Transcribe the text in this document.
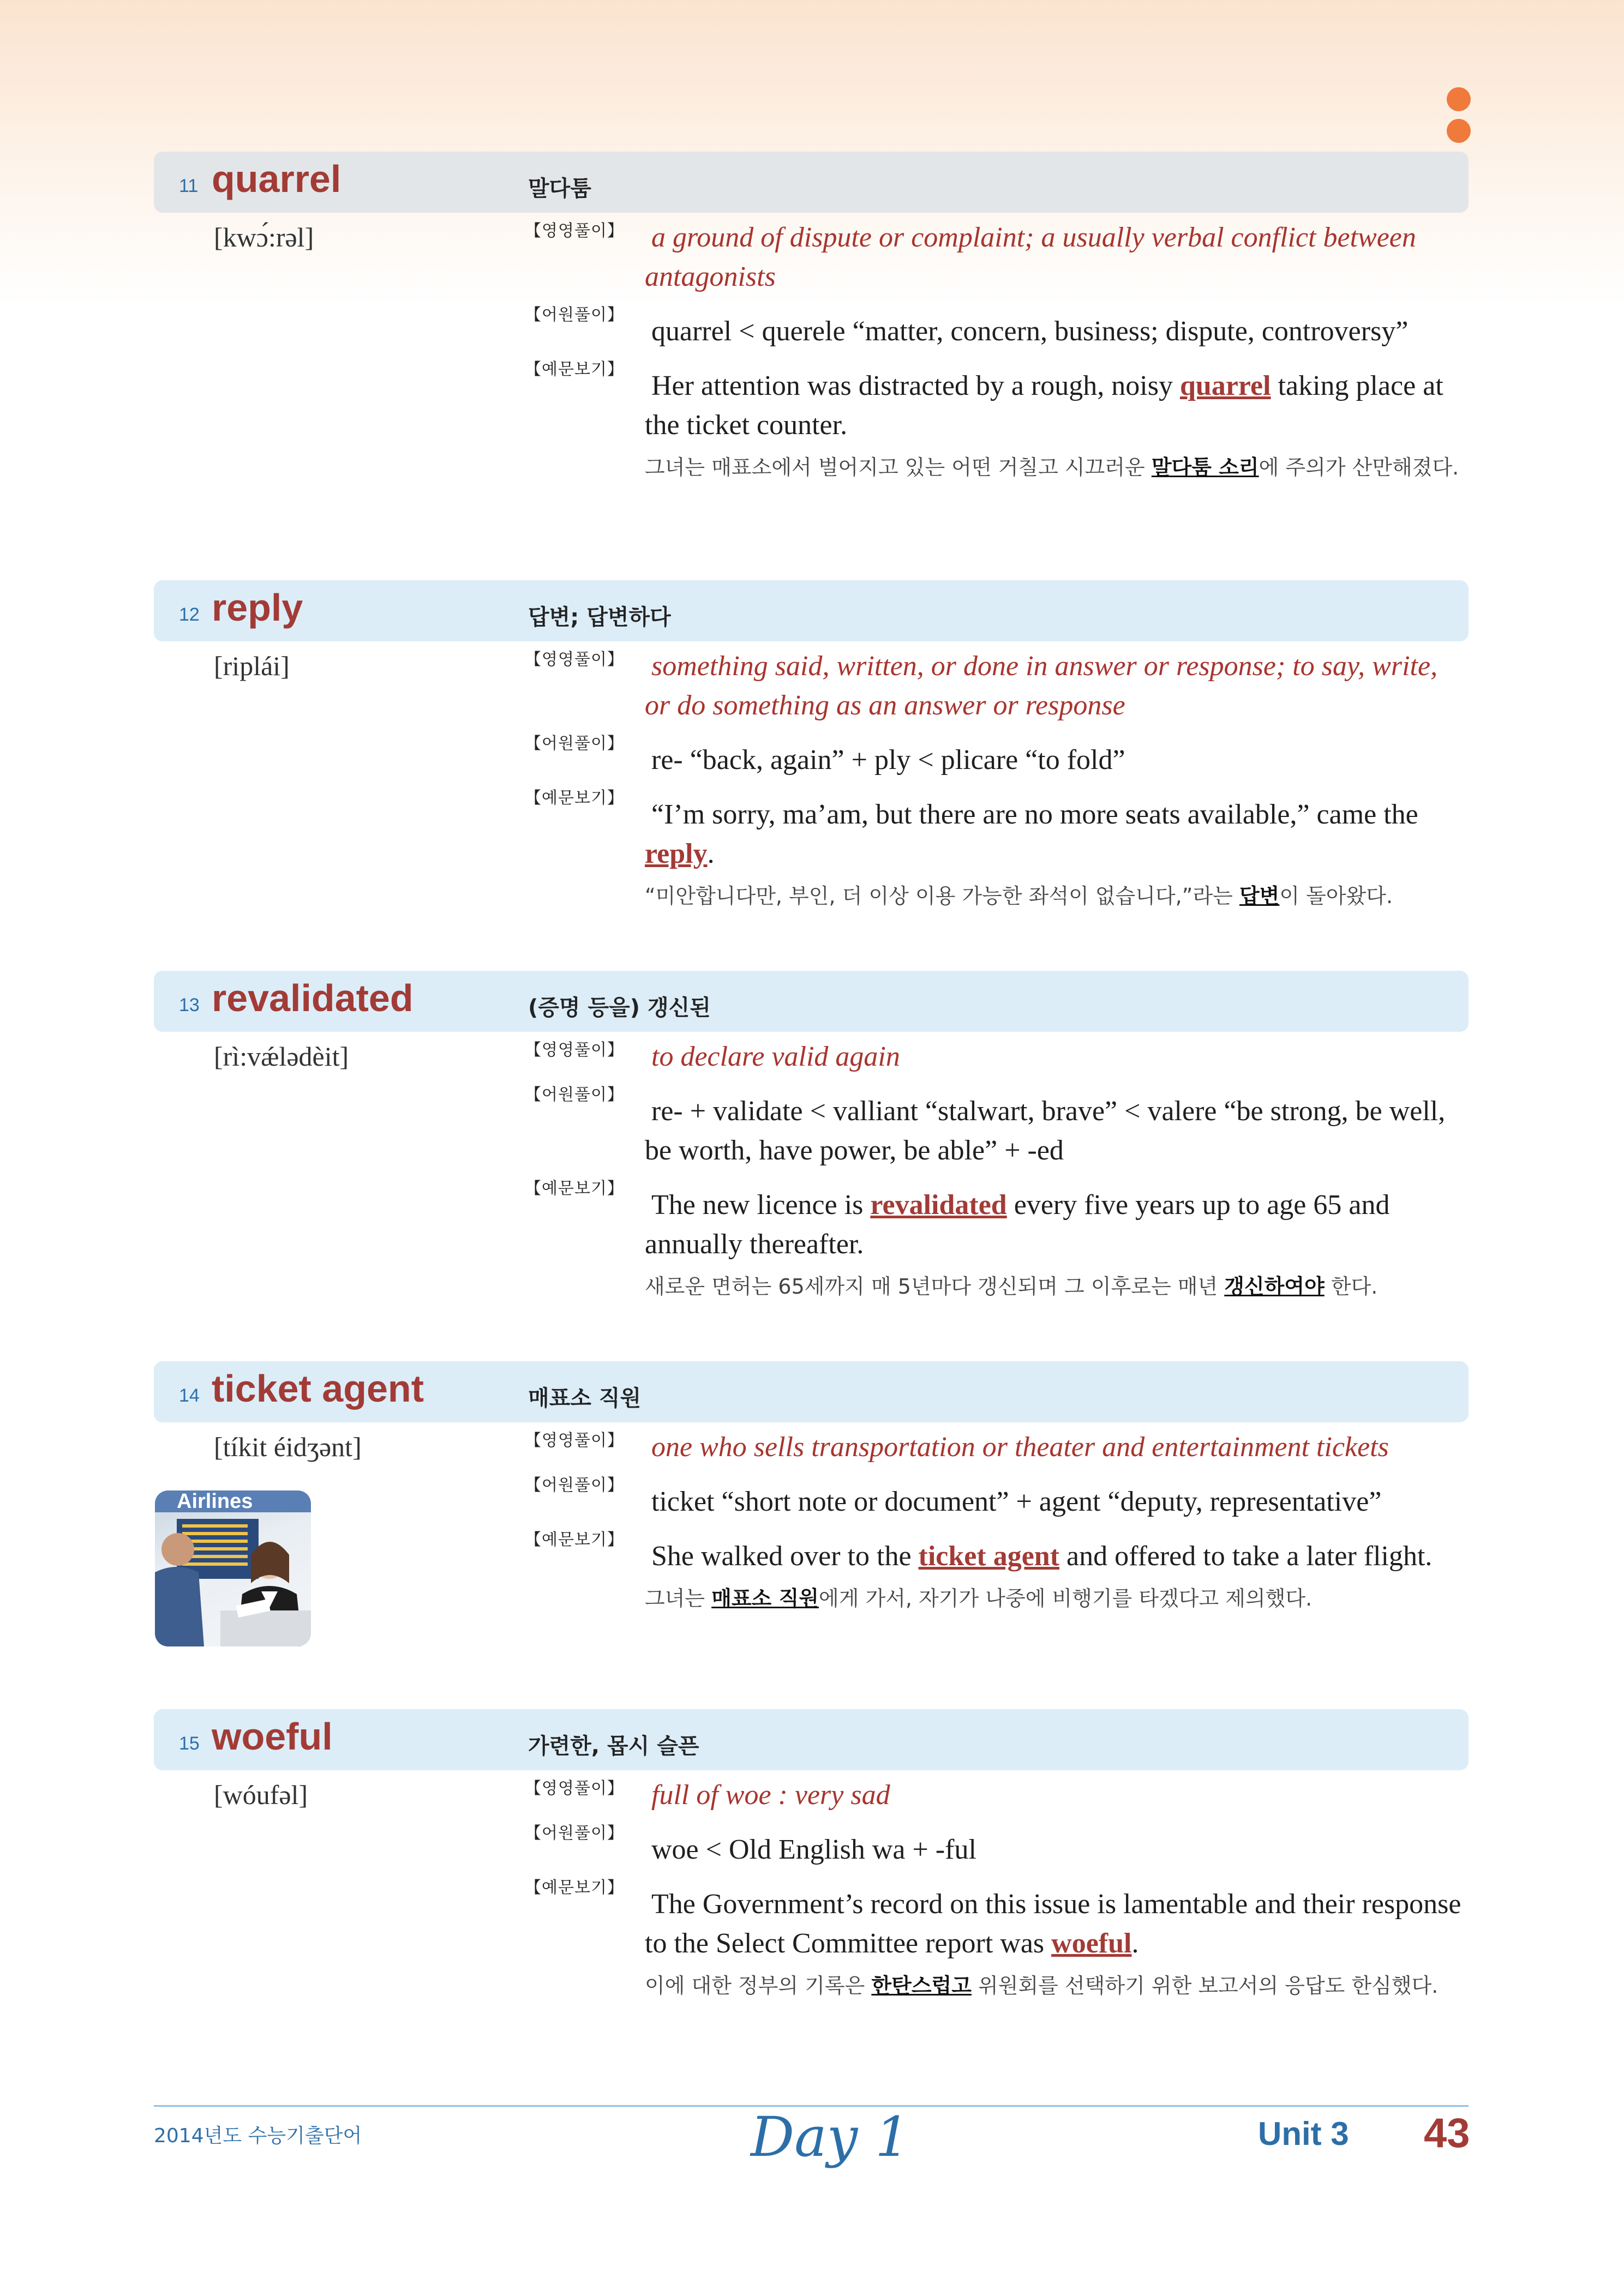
11 quarrel	말다툼
[kwɔ́:rəl]	【영영풀이】 a ground of dispute or complaint; a usually verbal conflict between antagonists
【어원풀이】
quarrel < querele “matter, concern, business; dispute, controversy”
【예문보기】
Her attention was distracted by a rough, noisy quarrel taking place at the ticket counter.
그녀는 매표소에서 벌어지고 있는 어떤 거칠고 시끄러운 말다툼 소리에 주의가 산만해졌다.
12 reply	답변; 답변하다
[riplái]	【영영풀이】 something said, written, or done in answer or response; to say, write, or do something as an answer or response
【어원풀이】
re- “back, again” + ply < plicare “to fold”
【예문보기】
“I’m sorry, ma’am, but there are no more seats available,” came the reply.
“미안합니다만, 부인, 더 이상 이용 가능한 좌석이 없습니다,”라는 답변이 돌아왔다.
13 revalidated	(증명 등을) 갱신된
[rì:vǽlədèit]	【영영풀이】 to declare valid again
【어원풀이】
re- + validate < valliant “stalwart, brave” < valere “be strong, be well, be worth, have power, be able” + -ed
【예문보기】
The new licence is revalidated every five years up to age 65 and annually thereafter.
새로운 면허는 65세까지 매 5년마다 갱신되며 그 이후로는 매년 갱신하여야 한다.
14 ticket agent	매표소 직원
[tíkit éidʒənt]	【영영풀이】 one who sells transportation or theater and entertainment tickets
【어원풀이】
ticket “short note or document” + agent “deputy, representative”
【예문보기】
She walked over to the ticket agent and offered to take a later flight.
그녀는 매표소 직원에게 가서, 자기가 나중에 비행기를 타겠다고 제의했다.
Airlines
15 woeful	가련한, 몹시 슬픈
[wóufəl]	【영영풀이】 full of woe : very sad
【어원풀이】
woe < Old English wa + -ful
【예문보기】
The Government’s record on this issue is lamentable and their response to the Select Committee report was woeful.
이에 대한 정부의 기록은 한탄스럽고 위원회를 선택하기 위한 보고서의 응답도 한심했다.
2014년도 수능기출단어	Day 1	Unit 3 43
